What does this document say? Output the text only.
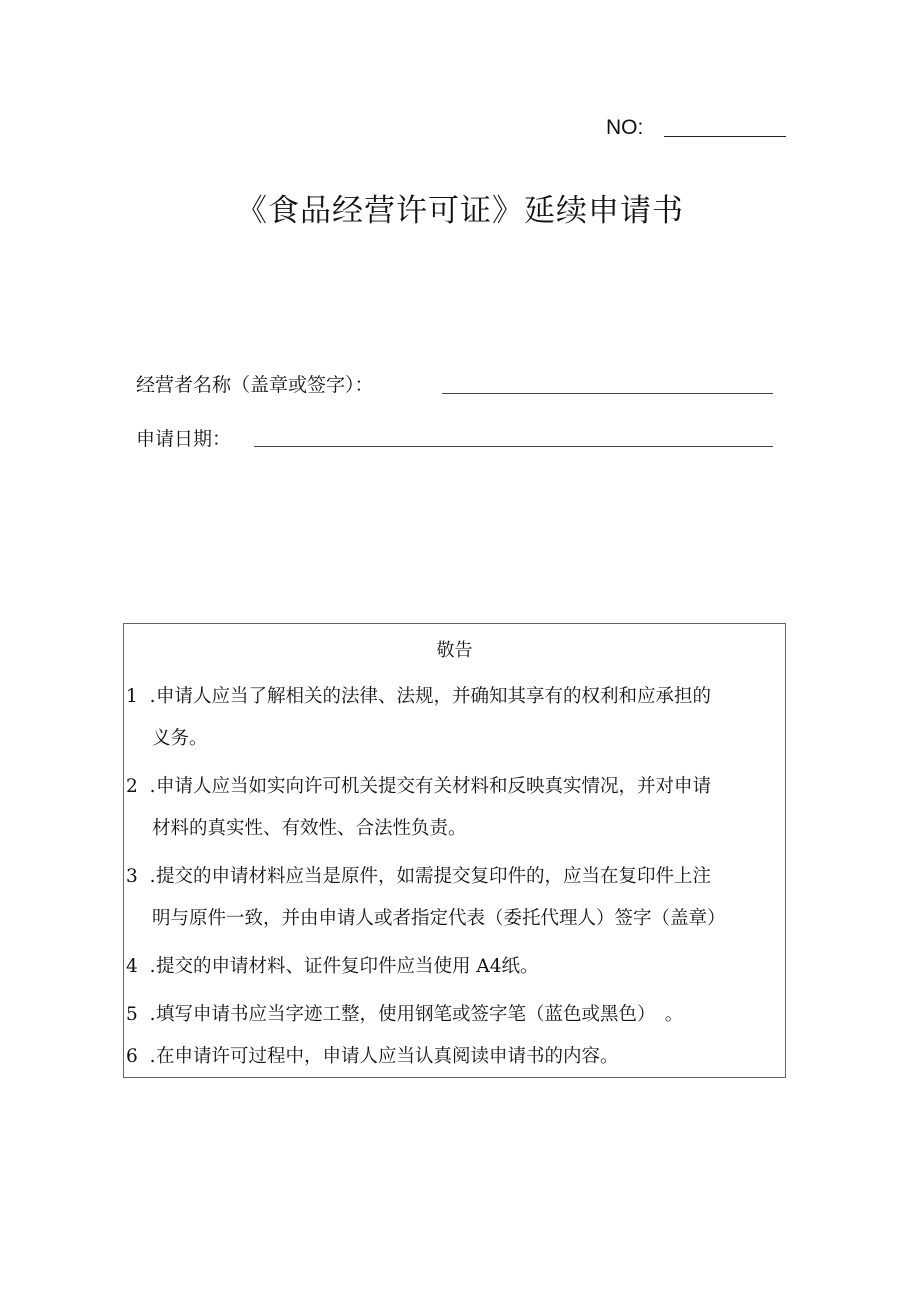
NO:
《食品经营许可证》延续申请书
经营者名称（盖章或签字）：
申请日期：
敬告
1 .申请人应当了解相关的法律、法规，并确知其享有的权利和应承担的
义务。
2 .申请人应当如实向许可机关提交有关材料和反映真实情况，并对申请
材料的真实性、有效性、合法性负责。
3 .提交的申请材料应当是原件，如需提交复印件的，应当在复印件上注
明与原件一致，并由申请人或者指定代表（委托代理人）签字（盖章）
4 .提交的申请材料、证件复印件应当使用 A4纸。
5 .填写申请书应当字迹工整，使用钢笔或签字笔（蓝色或黑色）　。
6 .在申请许可过程中，申请人应当认真阅读申请书的内容。
